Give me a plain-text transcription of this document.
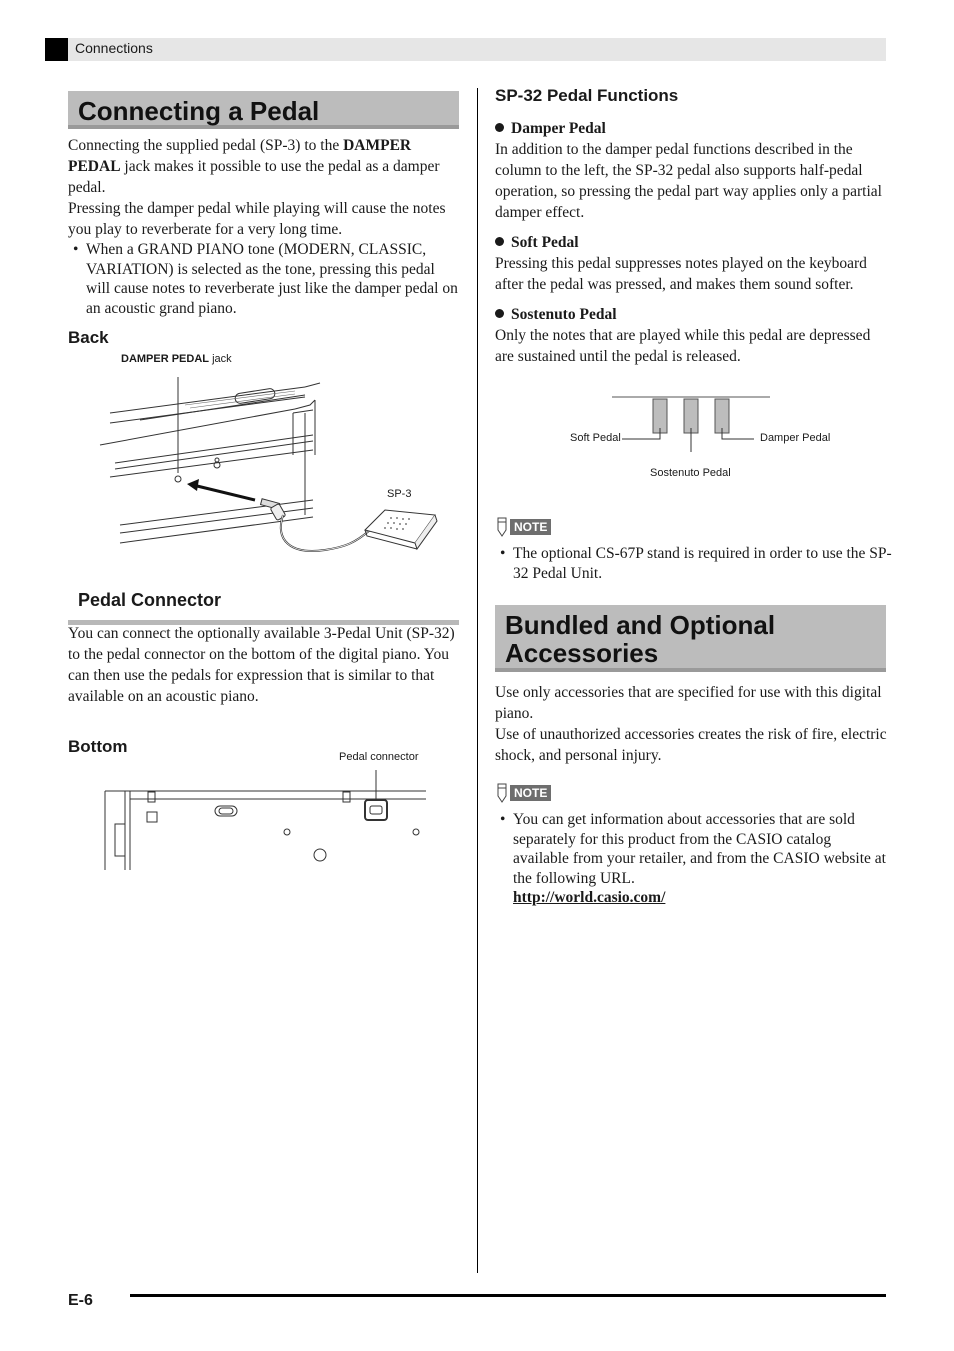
Connections
Connecting a Pedal

Connecting the supplied pedal (SP-3) to the DAMPER PEDAL jack makes it possible to use the pedal as a damper pedal.

Pressing the damper pedal while playing will cause the notes you play to reverberate for a very long time.

• When a GRAND PIANO tone (MODERN, CLASSIC, VARIATION) is selected as the tone, pressing this pedal will cause notes to reverberate just like the damper pedal on an acoustic grand piano.
Back
DAMPER PEDAL jack
SP-3
Pedal Connector
You can connect the optionally available 3-Pedal Unit (SP-32) to the pedal connector on the bottom of the digital piano. You can then use the pedals for expression that is similar to that available on an acoustic piano.
Bottom
Pedal connector
SP-32 Pedal Functions
Damper Pedal

In addition to the damper pedal functions described in the column to the left, the SP-32 pedal also supports half-pedal operation, so pressing the pedal part way applies only a partial damper effect.

Soft Pedal

Pressing this pedal suppresses notes played on the keyboard after the pedal was pressed, and makes them sound softer.

Sostenuto Pedal

Only the notes that are played while this pedal are depressed are sustained until the pedal is released.

Soft Pedal	Damper Pedal
Sostenuto Pedal
NOTE
• The optional CS-67P stand is required in order to use the SP-32 Pedal Unit.
Bundled and Optional
Accessories

Use only accessories that are specified for use with this digital piano.

Use of unauthorized accessories creates the risk of fire, electric shock, and personal injury.

NOTE
• You can get information about accessories that are sold separately for this product from the CASIO catalog available from your retailer, and from the CASIO website at the following URL.
http://world.casio.com/
E-6
